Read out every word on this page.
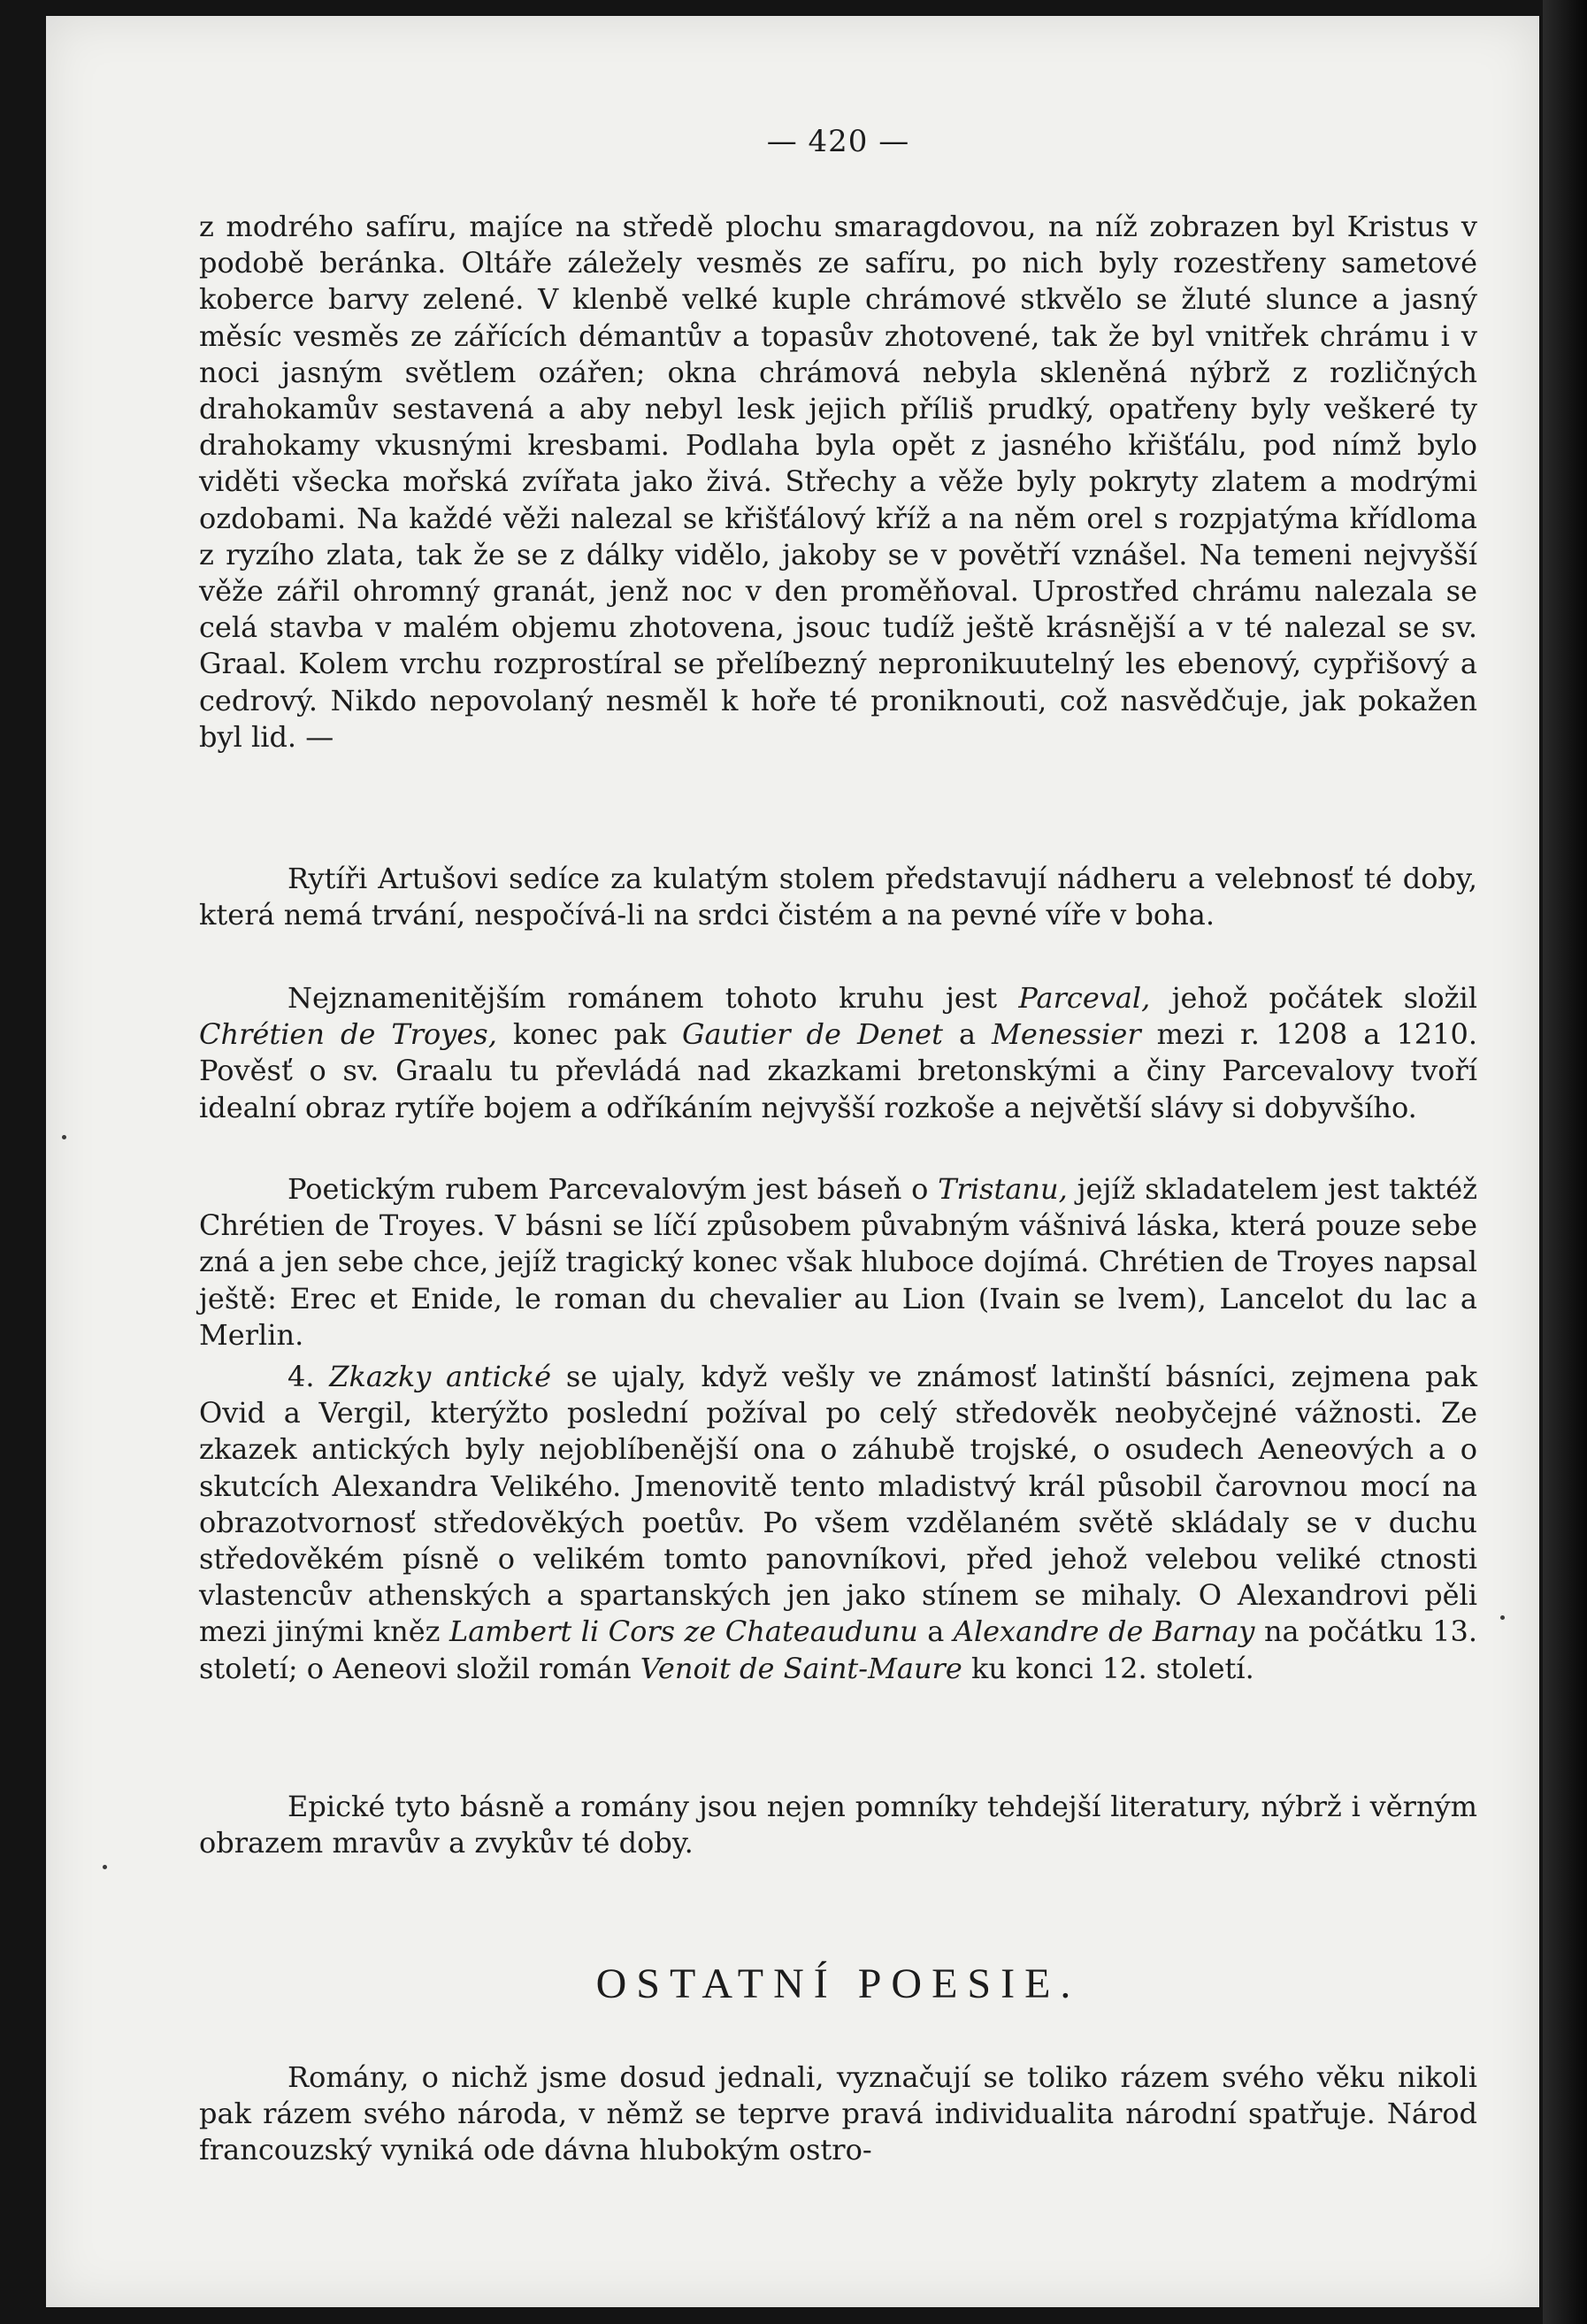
— 420 —

z modrého safíru, majíce na středě plochu smaragdovou, na níž zobrazen byl Kristus v podobě beránka. Oltáře záležely vesměs ze safíru, po nich byly rozestřeny sametové koberce barvy zelené. V klenbě velké kuple chrámové stkvělo se žluté slunce a jasný měsíc vesměs ze zářících démantův a topasův zhotovené, tak že byl vnitřek chrámu i v noci jasným světlem ozářen; okna chrámová nebyla skleněná nýbrž z rozličných drahokamův sestavená a aby nebyl lesk jejich příliš prudký, opatřeny byly veškeré ty drahokamy vkusnými kresbami. Podlaha byla opět z jasného křišťálu, pod nímž bylo viděti všecka mořská zvířata jako živá. Střechy a věže byly pokryty zlatem a modrými ozdobami. Na každé věži nalezal se křišťálový kříž a na něm orel s rozpjatýma křídloma z ryzího zlata, tak že se z dálky vidělo, jakoby se v povětří vznášel. Na temeni nejvyšší věže zářil ohromný granát, jenž noc v den proměňoval. Uprostřed chrámu nalezala se celá stavba v malém objemu zhotovena, jsouc tudíž ještě krásnější a v té nalezal se sv. Graal. Kolem vrchu rozprostíral se přelíbezný nepronikuutelný les ebenový, cypřišový a cedrový. Nikdo nepovolaný nesměl k hoře té proniknouti, což nasvědčuje, jak pokažen byl lid. —

Rytíři Artušovi sedíce za kulatým stolem představují nádheru a velebnosť té doby, která nemá trvání, nespočívá-li na srdci čistém a na pevné víře v boha.

Nejznamenitějším románem tohoto kruhu jest Parceval, jehož počátek složil Chrétien de Troyes, konec pak Gautier de Denet a Menessier mezi r. 1208 a 1210. Pověsť o sv. Graalu tu převládá nad zkazkami bretonskými a činy Parcevalovy tvoří idealní obraz rytíře bojem a odříkáním nejvyšší rozkoše a největší slávy si dobyvšího.

Poetickým rubem Parcevalovým jest báseň o Tristanu, jejíž skladatelem jest taktéž Chrétien de Troyes. V básni se líčí způsobem půvabným vášnivá láska, která pouze sebe zná a jen sebe chce, jejíž tragický konec však hluboce dojímá. Chrétien de Troyes napsal ještě: Erec et Enide, le roman du chevalier au Lion (Ivain se lvem), Lancelot du lac a Merlin.

4. Zkazky antické se ujaly, když vešly ve známosť latinští básníci, zejmena pak Ovid a Vergil, kterýžto poslední požíval po celý středověk neobyčejné vážnosti. Ze zkazek antických byly nejoblíbenější ona o záhubě trojské, o osudech Aeneových a o skutcích Alexandra Velikého. Jmenovitě tento mladistvý král působil čarovnou mocí na obrazotvornosť středověkých poetův. Po všem vzdělaném světě skládaly se v duchu středověkém písně o velikém tomto panovníkovi, před jehož velebou veliké ctnosti vlastencův athenských a spartanských jen jako stínem se mihaly. O Alexandrovi pěli mezi jinými kněz Lambert li Cors ze Chateaudunu a Alexandre de Barnay na počátku 13. století; o Aeneovi složil román Venoit de Saint-Maure ku konci 12. století.

Epické tyto básně a romány jsou nejen pomníky tehdejší literatury, nýbrž i věrným obrazem mravův a zvykův té doby.

OSTATNÍ POESIE.

Romány, o nichž jsme dosud jednali, vyznačují se toliko rázem svého věku nikoli pak rázem svého národa, v němž se teprve pravá individualita národní spatřuje. Národ francouzský vyniká ode dávna hlubokým ostro-
